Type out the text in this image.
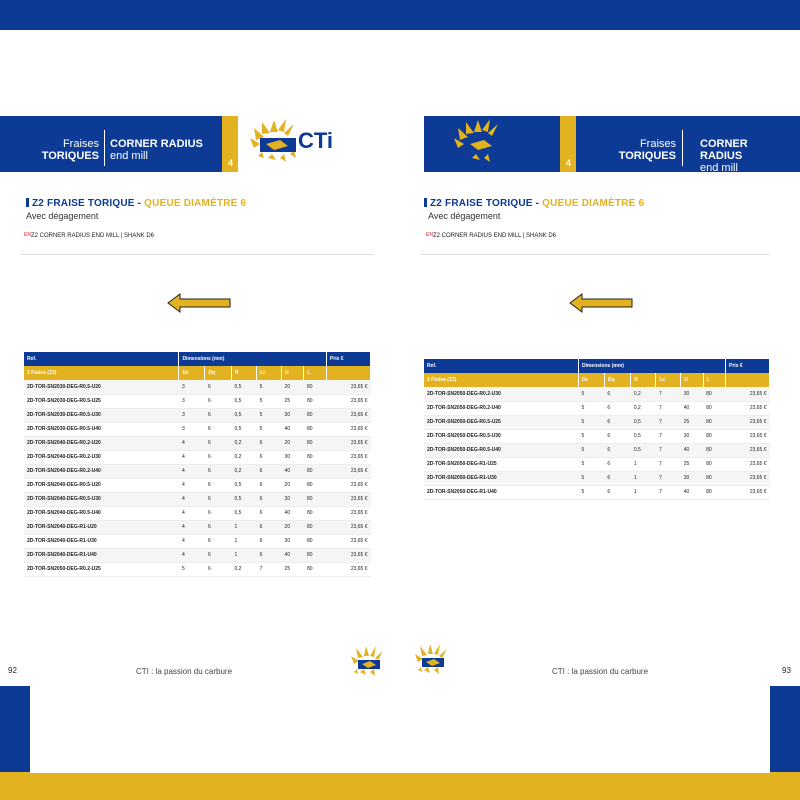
4
Fraises
TORIQUES
CORNER RADIUS
end mill
CTi
Z2 FRAISE TORIQUE - QUEUE DIAMÈTRE 6
Avec dégagement
ENZ2 CORNER RADIUS END MILL | SHANK D6
Ref.	Dimensions (mm)						Prix €
2 Flutes (Z2)	Dc	Dq	R	Lc	U	L	
2D-TOR-SN2030-DEG-R0.5-U20	3	6	0,5	5	20	80	23,65 €
2D-TOR-SN2030-DEG-R0.5-U25	3	6	0,5	5	25	80	23,65 €
2D-TOR-SN2030-DEG-R0.5-U30	3	6	0,5	5	30	80	23,65 €
2D-TOR-SN2030-DEG-R0.5-U40	3	6	0,5	5	40	80	23,65 €
2D-TOR-SN2040-DEG-R0.2-U20	4	6	0,2	6	20	80	23,65 €
2D-TOR-SN2040-DEG-R0.2-U30	4	6	0,2	6	30	80	23,65 €
2D-TOR-SN2040-DEG-R0.2-U40	4	6	0,2	6	40	80	23,65 €
2D-TOR-SN2040-DEG-R0.5-U20	4	6	0,5	6	20	80	23,65 €
2D-TOR-SN2040-DEG-R0.5-U30	4	6	0,5	6	30	80	23,65 €
2D-TOR-SN2040-DEG-R0.5-U40	4	6	0,5	6	40	80	23,65 €
2D-TOR-SN2040-DEG-R1-U20	4	6	1	6	20	80	23,65 €
2D-TOR-SN2040-DEG-R1-U30	4	6	1	6	30	80	23,65 €
2D-TOR-SN2040-DEG-R1-U40	4	6	1	6	40	80	23,65 €
2D-TOR-SN2050-DEG-R0.2-U25	5	6	0,2	7	25	80	23,65 €
92	CTI : la passion du carbure
4
Fraises
TORIQUES
CORNER RADIUS
end mill
CTi
Z2 FRAISE TORIQUE - QUEUE DIAMÈTRE 6
Avec dégagement
ENZ2 CORNER RADIUS END MILL | SHANK D6
Ref.	Dimensions (mm)						Prix €
2 Flutes (Z2)	Dc	Dq	R	Lc	U	L	
2D-TOR-SN2050-DEG-R0.2-U30	5	6	0,2	7	30	80	23,65 €
2D-TOR-SN2050-DEG-R0.2-U40	5	6	0,2	7	40	80	23,65 €
2D-TOR-SN2050-DEG-R0.5-U25	5	6	0,5	7	25	80	23,65 €
2D-TOR-SN2050-DEG-R0.5-U30	5	6	0,5	7	30	80	23,65 €
2D-TOR-SN2050-DEG-R0.5-U40	5	6	0,5	7	40	80	23,65 €
2D-TOR-SN2050-DEG-R1-U25	5	6	1	7	25	80	23,65 €
2D-TOR-SN2050-DEG-R1-U30	5	6	1	7	30	80	23,65 €
2D-TOR-SN2050-DEG-R1-U40	5	6	1	7	40	80	23,65 €
CTI : la passion du carbure	93
